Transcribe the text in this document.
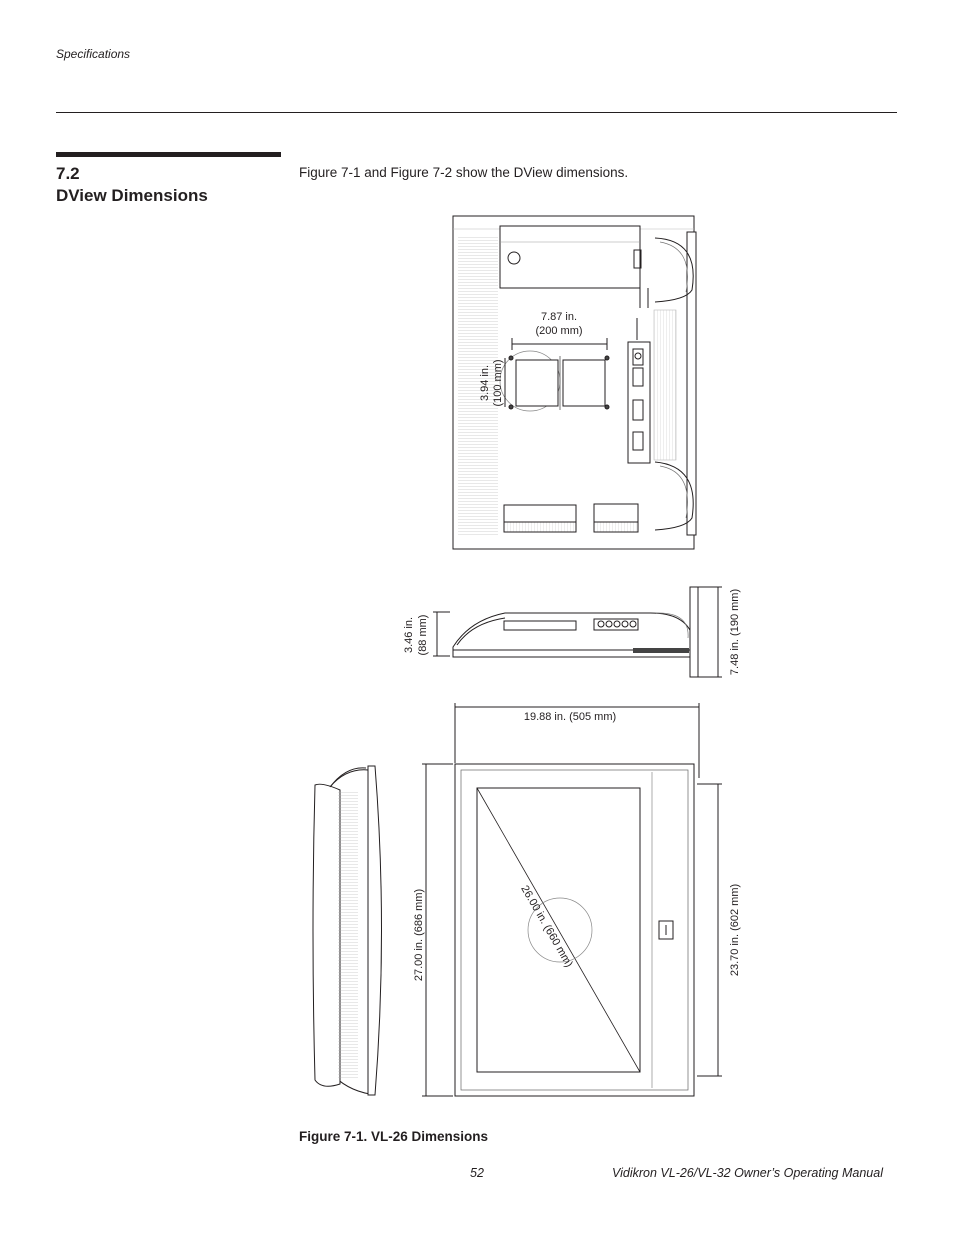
Specifications
7.2
DView Dimensions
Figure 7-1 and Figure 7-2 show the DView dimensions.
7.87 in.
(200 mm)
3.94 in. (100 mm)
3.46 in. (88 mm)	7.48 in. (190 mm)
19.88 in. (505 mm)
27.00 in. (686 mm)	23.70 in. (602 mm)
26.00 in. (660 mm)
Figure 7-1. VL-26 Dimensions
52	Vidikron VL-26/VL-32 Owner’s Operating Manual
